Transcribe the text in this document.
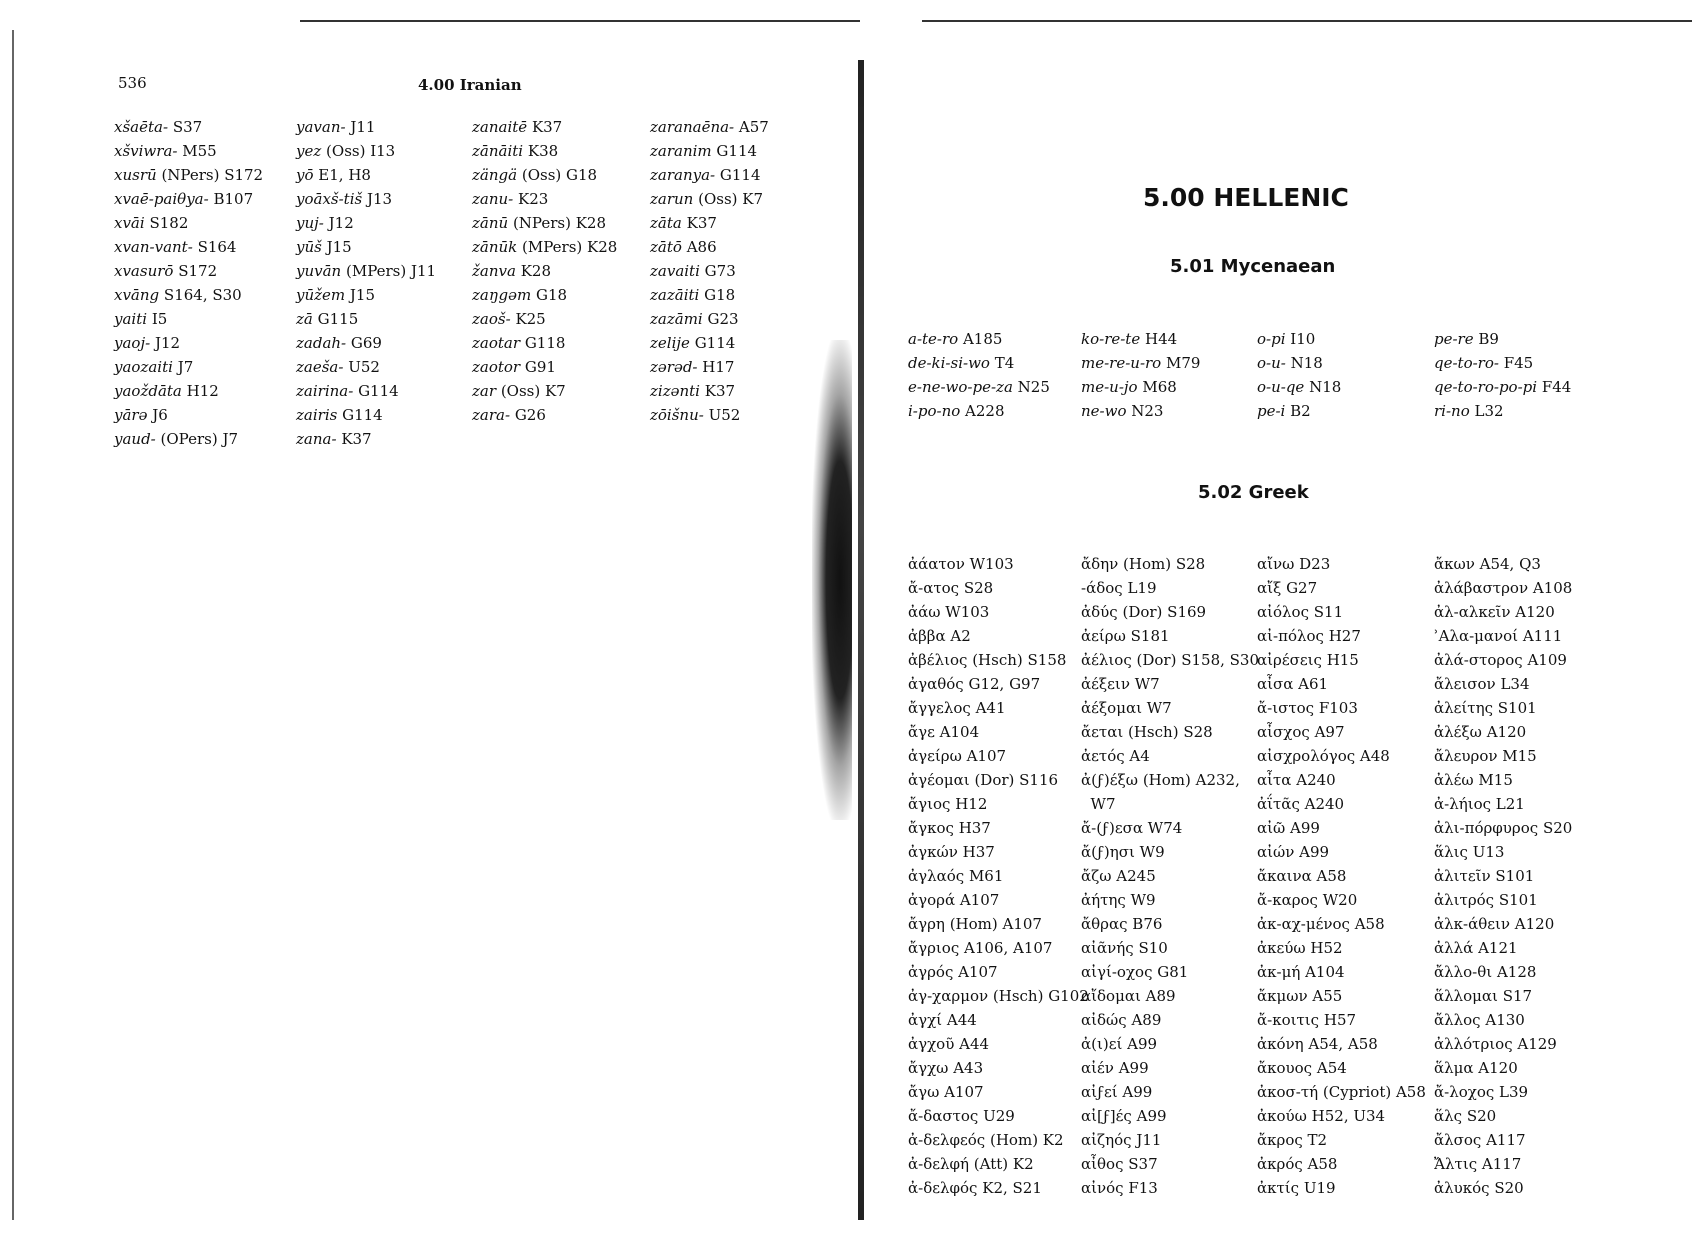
536	4.00 Iranian
xšaēta- S37
xšviwra- M55
xusrū (NPers) S172
xvaē-paiθya- B107
xvāi S182
xvan-vant- S164
xvasurō S172
xvāng S164, S30
yaiti I5
yaoj- J12
yaozaiti J7
yaoždāta H12
yārə J6
yaud- (OPers) J7
yavan- J11
yez (Oss) I13
yō E1, H8
yoāxš-tiš J13
yuj- J12
yūš J15
yuvān (MPers) J11
yūžem J15
zā G115
zadah- G69
zaeša- U52
zairina- G114
zairis G114
zana- K37
zanaitē K37
zānāiti K38
zängä (Oss) G18
zanu- K23
zānū (NPers) K28
zānūk (MPers) K28
žanva K28
zaŋgəm G18
zaoš- K25
zaotar G118
zaotor G91
zar (Oss) K7
zara- G26
zaranaēna- A57
zaranim G114
zaranya- G114
zarun (Oss) K7
zāta K37
zātō A86
zavaiti G73
zazāiti G18
zazāmi G23
zelije G114
zərəd- H17
zizənti K37
zōišnu- U52
5.00 HELLENIC
5.01 Mycenaean
a-te-ro A185
de-ki-si-wo T4
e-ne-wo-pe-za N25
i-po-no A228
ko-re-te H44
me-re-u-ro M79
me-u-jo M68
ne-wo N23
o-pi I10
o-u- N18
o-u-qe N18
pe-i B2
pe-re B9
qe-to-ro- F45
qe-to-ro-po-pi F44
ri-no L32
5.02 Greek
ἀάατον W103
ἄ-ατος S28
ἀάω W103
ἀββα A2
ἀβέλιος (Hsch) S158
ἀγαθός G12, G97
ἄγγελος A41
ἄγε A104
ἀγείρω A107
ἀγέομαι (Dor) S116
ἄγιος H12
ἄγκος H37
ἀγκών H37
ἀγλαός M61
ἀγορά A107
ἄγρη (Hom) A107
ἄγριος A106, A107
ἀγρός A107
ἀγ-χαρμον (Hsch) G102
ἀγχί A44
ἀγχοῦ A44
ἄγχω A43
ἄγω A107
ἄ-δαστος U29
ἀ-δελφεός (Hom) K2
ἀ-δελφή (Att) K2
ἀ-δελφός K2, S21
ἄδην (Hom) S28
-άδος L19
ἀδύς (Dor) S169
ἀείρω S181
ἀέλιος (Dor) S158, S30
ἀέξειν W7
ἀέξομαι W7
ἄεται (Hsch) S28
ἀετός A4
ἀ(ϝ)έξω (Hom) A232,
W7
ἄ-(ϝ)εσα W74
ἄ(ϝ)ησι W9
ἄζω A245
ἀήτης W9
ἄθρας B76
αἰᾶνής S10
αἰγί-οχος G81
αἴδομαι A89
αἰδώς A89
ἀ(ι)εί A99
αἰέν A99
αἰϝεί A99
αἰ[ϝ]ές A99
αἰζηός J11
αἶθος S37
αἰνός F13
αἴνω D23
αἴξ G27
αἰόλος S11
αἰ-πόλος H27
αἰρέσεις H15
αἶσα A61
ἄ-ιστος F103
αἶσχος A97
αἰσχρολόγος A48
αἶτα A240
ἀΐτᾶς A240
αἰῶ A99
αἰών A99
ἄκαινα A58
ἄ-καρος W20
ἀκ-αχ-μένος A58
ἀκεύω H52
ἀκ-μή A104
ἄκμων A55
ἄ-κοιτις H57
ἀκόνη A54, A58
ἄκουος A54
ἀκοσ-τή (Cypriot) A58
ἀκούω H52, U34
ἄκρος T2
ἀκρός A58
ἀκτίς U19
ἄκων A54, Q3
ἀλάβαστρον A108
ἀλ-αλκεῖν A120
ʾΑλα-μανοί A111
ἀλά-στορος A109
ἄλεισον L34
ἀλείτης S101
ἀλέξω A120
ἄλευρον M15
ἀλέω M15
ἀ-λήιος L21
ἀλι-πόρφυρος S20
ἅλις U13
ἀλιτεῖν S101
ἀλιτρός S101
ἀλκ-άθειν A120
ἀλλά A121
ἄλλο-θι A128
ἅλλομαι S17
ἄλλος A130
ἀλλότριος A129
ἅλμα A120
ἄ-λοχος L39
ἅλς S20
ἄλσος A117
Ἄλτις A117
ἀλυκός S20
